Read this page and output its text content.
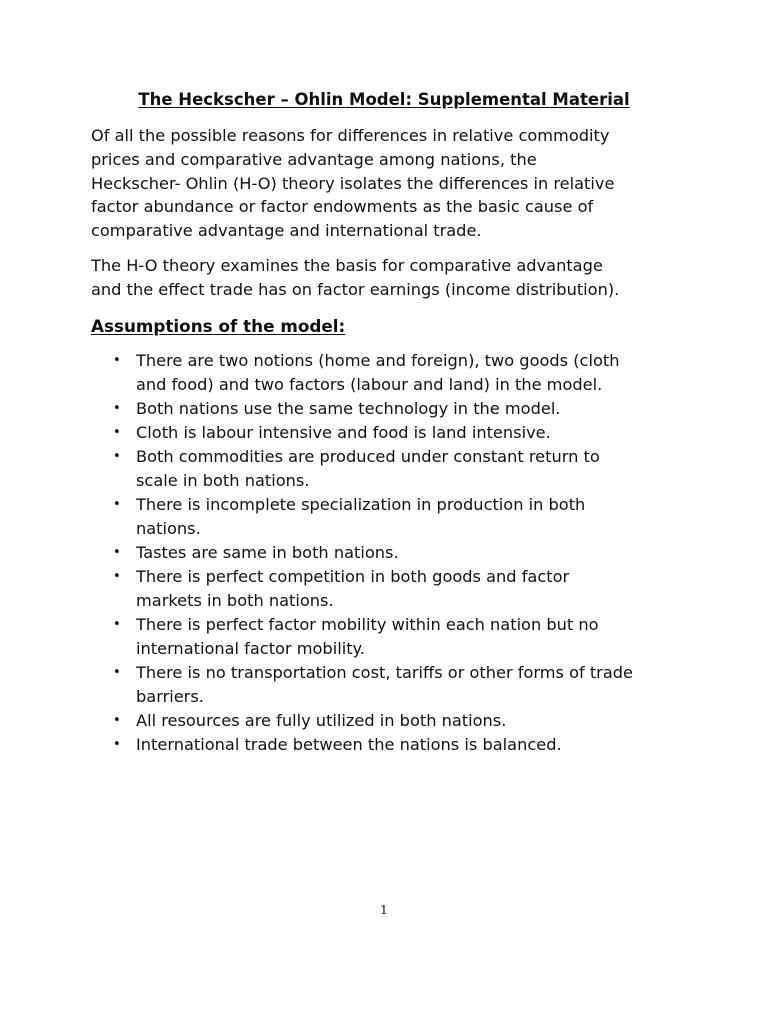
The Heckscher – Ohlin Model: Supplemental Material

Of all the possible reasons for differences in relative commodity
prices and comparative advantage among nations, the
Heckscher- Ohlin (H-O) theory isolates the differences in relative
factor abundance or factor endowments as the basic cause of
comparative advantage and international trade.

The H-O theory examines the basis for comparative advantage
and the effect trade has on factor earnings (income distribution).

Assumptions of the model:
• There are two notions (home and foreign), two goods (cloth
and food) and two factors (labour and land) in the model.
• Both nations use the same technology in the model.
• Cloth is labour intensive and food is land intensive.
• Both commodities are produced under constant return to
scale in both nations.
• There is incomplete specialization in production in both
nations.
• Tastes are same in both nations.
• There is perfect competition in both goods and factor
markets in both nations.
• There is perfect factor mobility within each nation but no
international factor mobility.
• There is no transportation cost, tariffs or other forms of trade
barriers.
• All resources are fully utilized in both nations.
• International trade between the nations is balanced.
1
